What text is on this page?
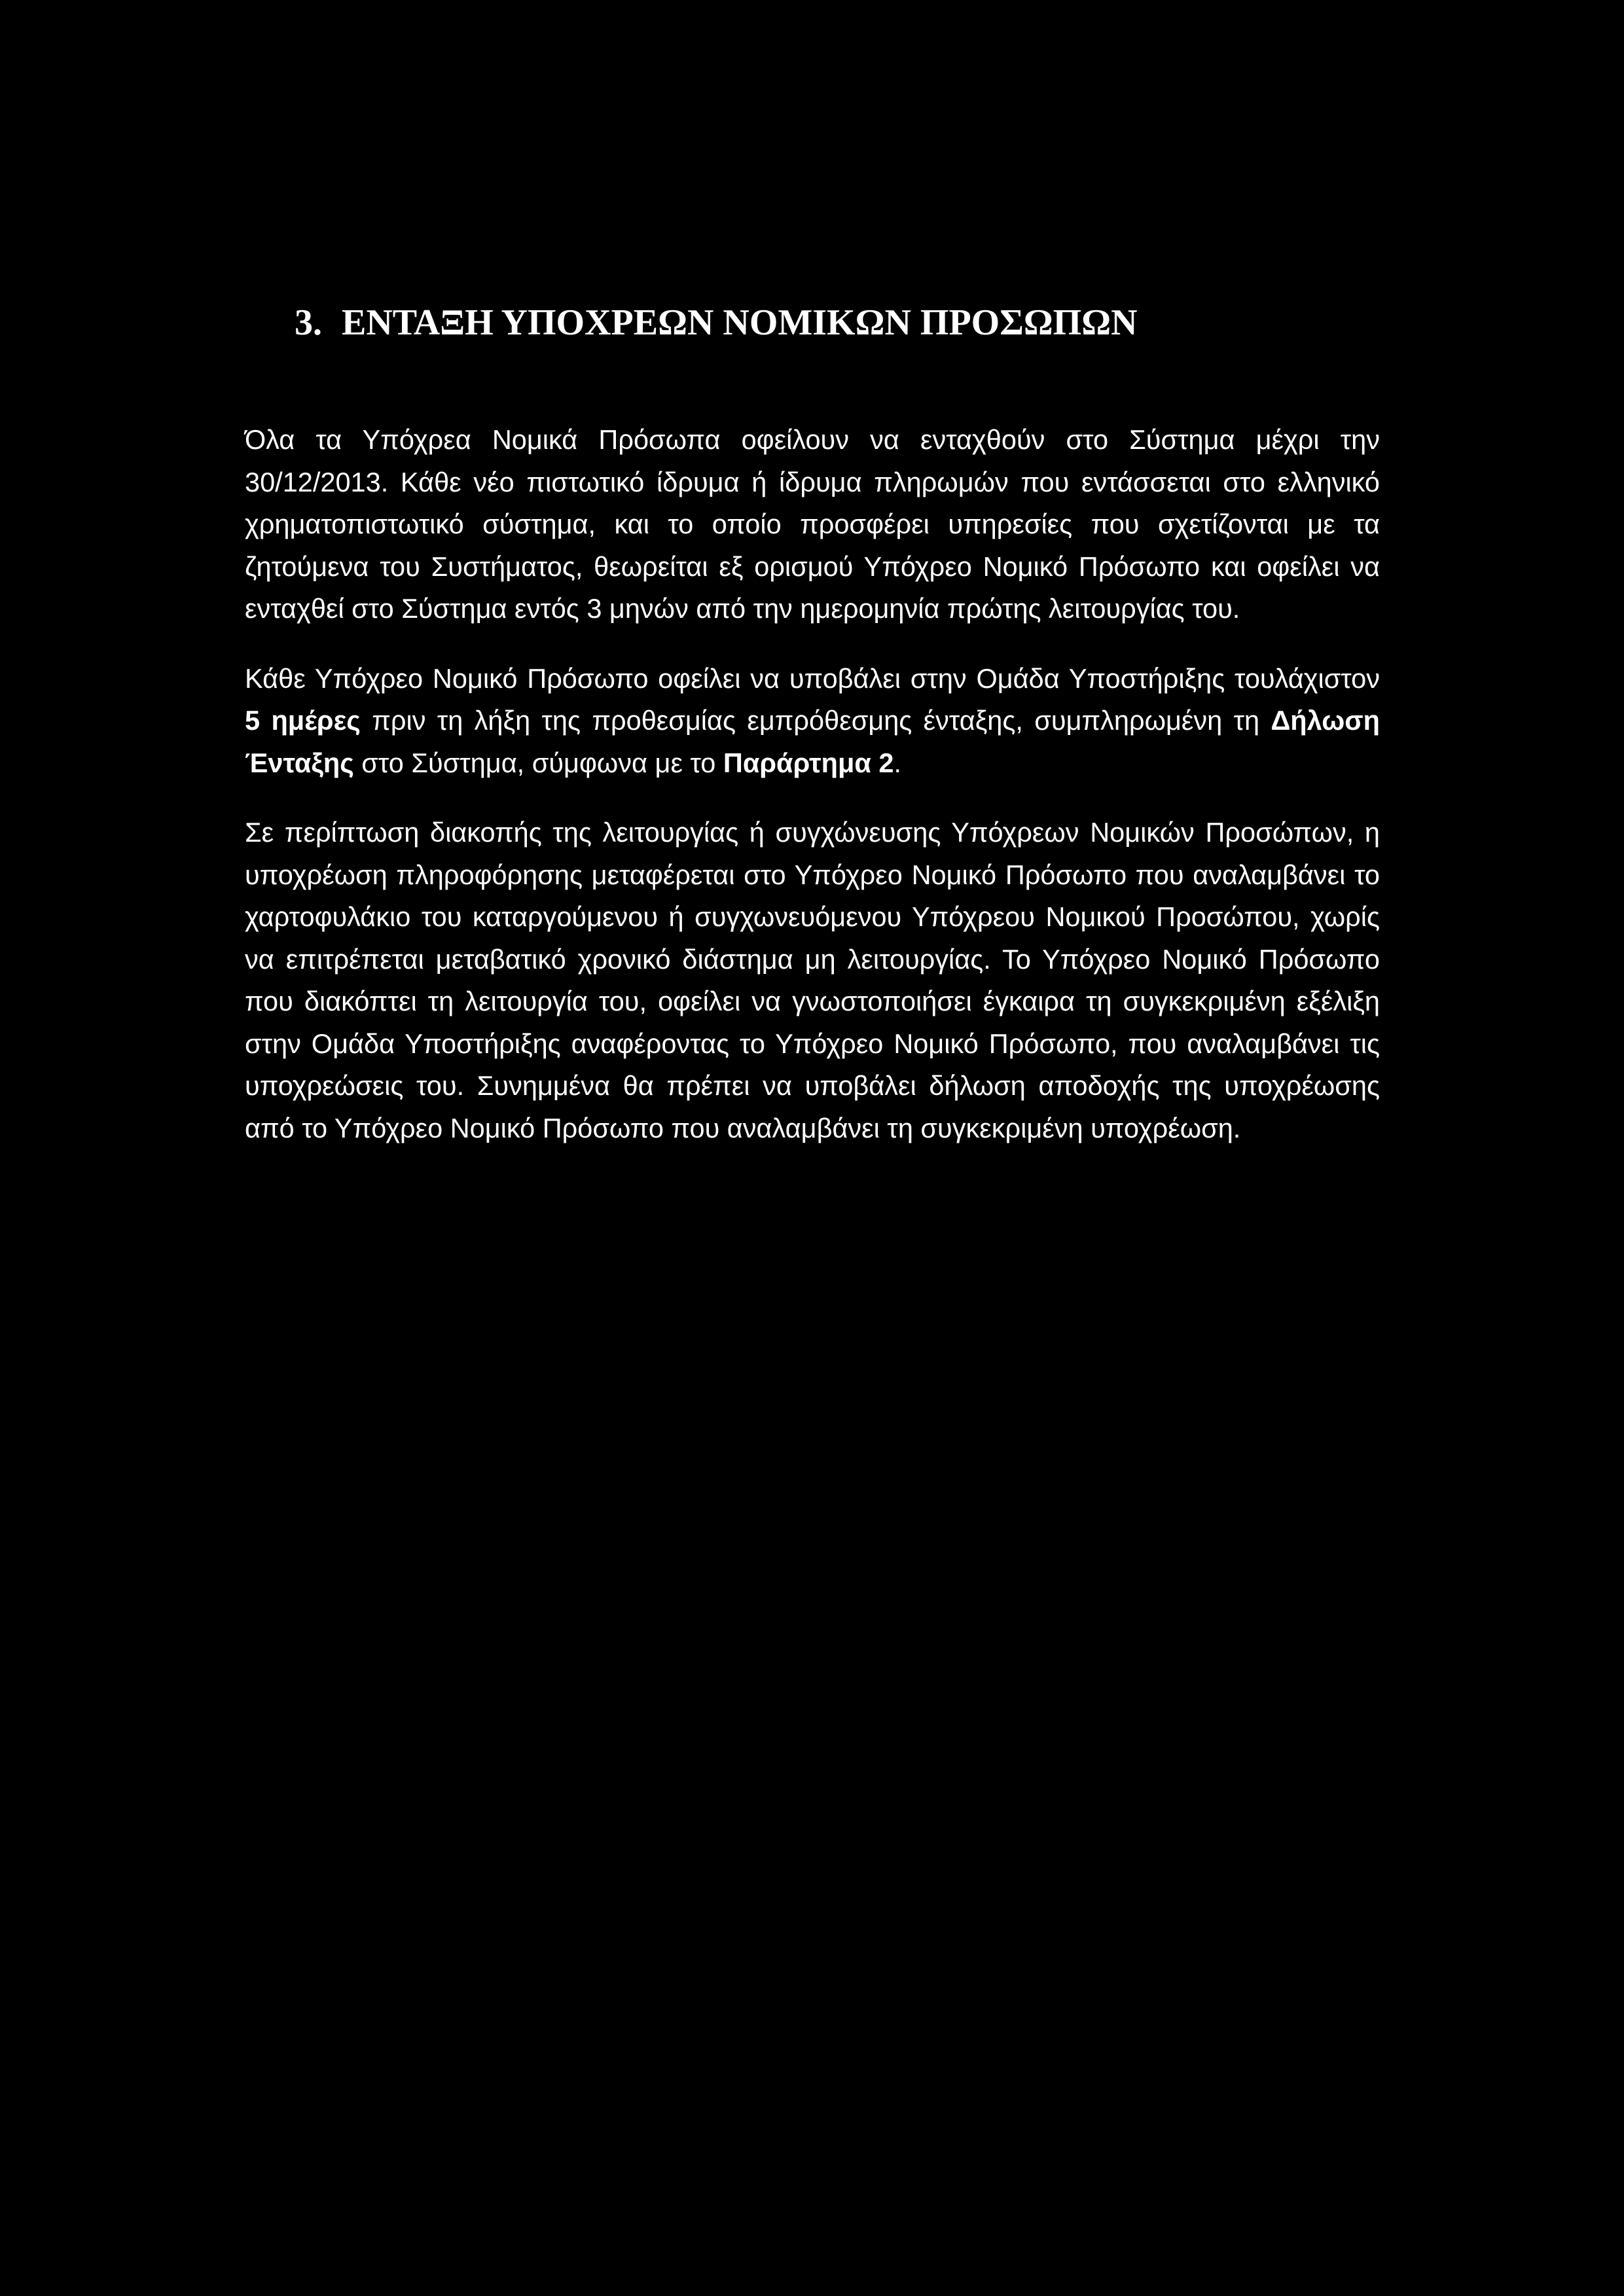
3. ΕΝΤΑΞΗ ΥΠΟΧΡΕΩΝ ΝΟΜΙΚΩΝ ΠΡΟΣΩΠΩΝ

Όλα τα Υπόχρεα Νομικά Πρόσωπα οφείλουν να ενταχθούν στο Σύστημα μέχρι την 30/12/2013. Κάθε νέο πιστωτικό ίδρυμα ή ίδρυμα πληρωμών που εντάσσεται στο ελληνικό χρηματοπιστωτικό σύστημα, και το οποίο προσφέρει υπηρεσίες που σχετίζονται με τα ζητούμενα του Συστήματος, θεωρείται εξ ορισμού Υπόχρεο Νομικό Πρόσωπο και οφείλει να ενταχθεί στο Σύστημα εντός 3 μηνών από την ημερομηνία πρώτης λειτουργίας του.

Κάθε Υπόχρεο Νομικό Πρόσωπο οφείλει να υποβάλει στην Ομάδα Υποστήριξης τουλάχιστον 5 ημέρες πριν τη λήξη της προθεσμίας εμπρόθεσμης ένταξης, συμπληρωμένη τη Δήλωση Ένταξης στο Σύστημα, σύμφωνα με το Παράρτημα 2.

Σε περίπτωση διακοπής της λειτουργίας ή συγχώνευσης Υπόχρεων Νομικών Προσώπων, η υποχρέωση πληροφόρησης μεταφέρεται στο Υπόχρεο Νομικό Πρόσωπο που αναλαμβάνει το χαρτοφυλάκιο του καταργούμενου ή συγχωνευόμενου Υπόχρεου Νομικού Προσώπου, χωρίς να επιτρέπεται μεταβατικό χρονικό διάστημα μη λειτουργίας. Το Υπόχρεο Νομικό Πρόσωπο που διακόπτει τη λειτουργία του, οφείλει να γνωστοποιήσει έγκαιρα τη συγκεκριμένη εξέλιξη στην Ομάδα Υποστήριξης αναφέροντας το Υπόχρεο Νομικό Πρόσωπο, που αναλαμβάνει τις υποχρεώσεις του. Συνημμένα θα πρέπει να υποβάλει δήλωση αποδοχής της υποχρέωσης από το Υπόχρεο Νομικό Πρόσωπο που αναλαμβάνει τη συγκεκριμένη υποχρέωση.
